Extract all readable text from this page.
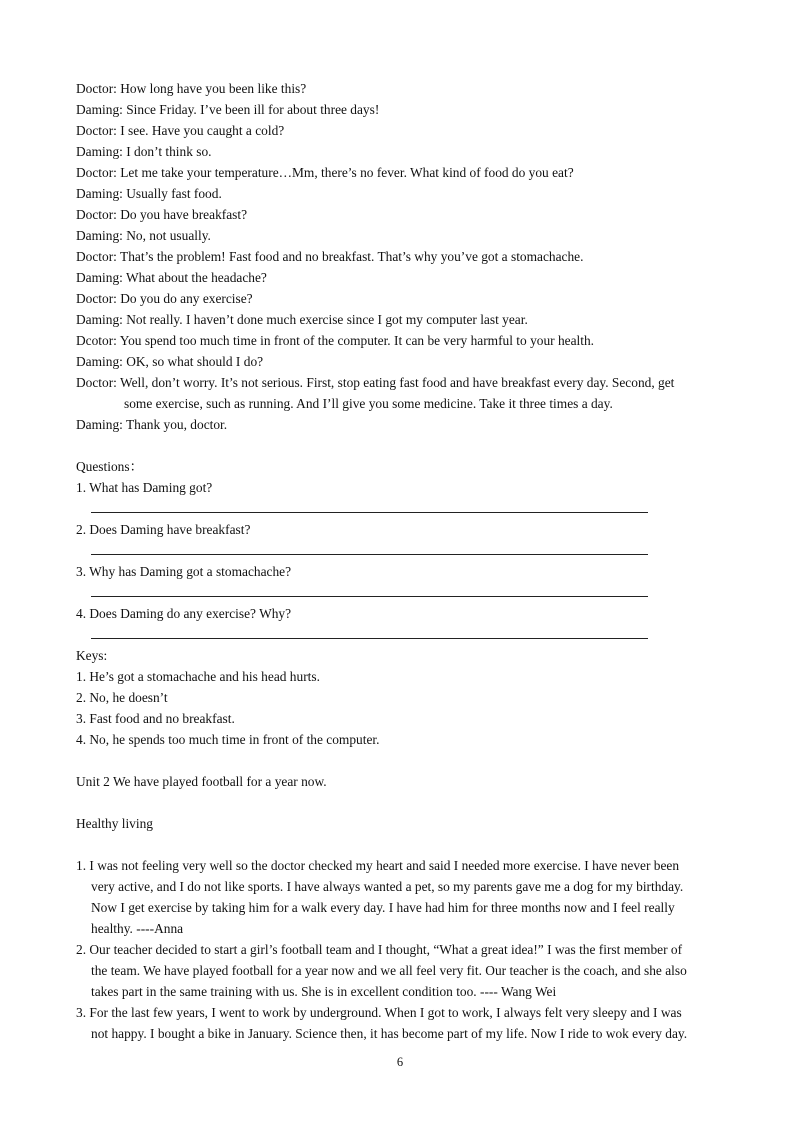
Doctor: How long have you been like this?
Daming: Since Friday. I’ve been ill for about three days!
Doctor: I see. Have you caught a cold?
Daming: I don’t think so.
Doctor: Let me take your temperature…Mm, there’s no fever. What kind of food do you eat?
Daming: Usually fast food.
Doctor: Do you have breakfast?
Daming: No, not usually.
Doctor: That’s the problem! Fast food and no breakfast. That’s why you’ve got a stomachache.
Daming: What about the headache?
Doctor: Do you do any exercise?
Daming: Not really. I haven’t done much exercise since I got my computer last year.
Dcotor: You spend too much time in front of the computer. It can be very harmful to your health.
Daming: OK, so what should I do?
Doctor: Well, don’t worry. It’s not serious. First, stop eating fast food and have breakfast every day. Second, get
some exercise, such as running. And I’ll give you some medicine. Take it three times a day.
Daming: Thank you, doctor.
Questions：
1. What has Daming got?
2. Does Daming have breakfast?
3. Why has Daming got a stomachache?
4. Does Daming do any exercise? Why?
Keys:
1. He’s got a stomachache and his head hurts.
2. No, he doesn’t
3. Fast food and no breakfast.
4. No, he spends too much time in front of the computer.
Unit 2 We have played football for a year now.
Healthy living
1. I was not feeling very well so the doctor checked my heart and said I needed more exercise. I have never been
very active, and I do not like sports. I have always wanted a pet, so my parents gave me a dog for my birthday.
Now I get exercise by taking him for a walk every day. I have had him for three months now and I feel really
healthy. ----Anna
2. Our teacher decided to start a girl’s football team and I thought, “What a great idea!” I was the first member of
the team. We have played football for a year now and we all feel very fit. Our teacher is the coach, and she also
takes part in the same training with us. She is in excellent condition too. ---- Wang Wei
3. For the last few years, I went to work by underground. When I got to work, I always felt very sleepy and I was
not happy. I bought a bike in January. Science then, it has become part of my life. Now I ride to wok every day.
6
